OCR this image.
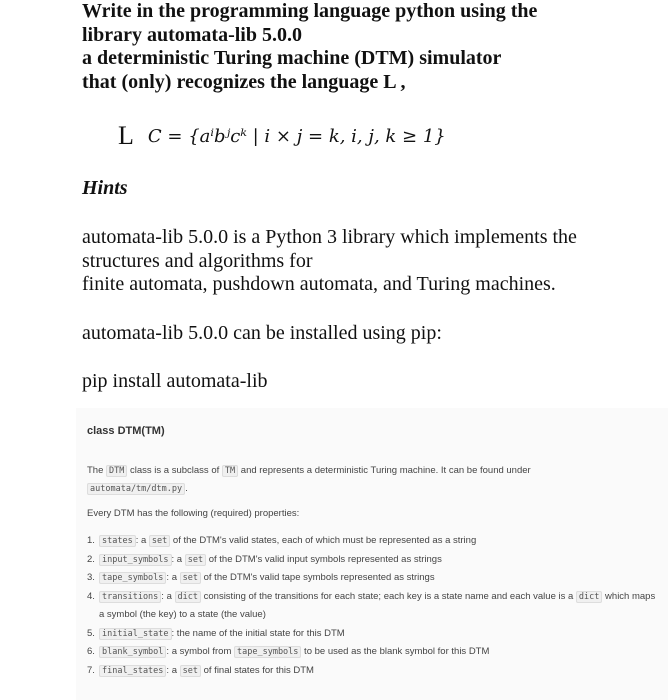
Write in the programming language python using the
library automata-lib 5.0.0
a deterministic Turing machine (DTM) simulator
that (only) recognizes the language L ,
L C = {aⁱbʲcᵏ | i × j = k, i, j, k ≥ 1}

Hints

automata-lib 5.0.0 is a Python 3 library which implements the
structures and algorithms for
finite automata, pushdown automata, and Turing machines.

automata-lib 5.0.0 can be installed using pip:

pip install automata-lib

class DTM(TM)

The DTM class is a subclass of TM and represents a deterministic Turing machine. It can be found under
automata/tm/dtm.py .

Every DTM has the following (required) properties:

1. states : a set of the DTM's valid states, each of which must be represented as a string
2. input_symbols : a set of the DTM's valid input symbols represented as strings
3. tape_symbols : a set of the DTM's valid tape symbols represented as strings
4. transitions : a dict consisting of the transitions for each state; each key is a state name and each value is a dict which maps a symbol (the key) to a state (the value)
5. initial_state : the name of the initial state for this DTM
6. blank_symbol : a symbol from tape_symbols to be used as the blank symbol for this DTM
7. final_states : a set of final states for this DTM
